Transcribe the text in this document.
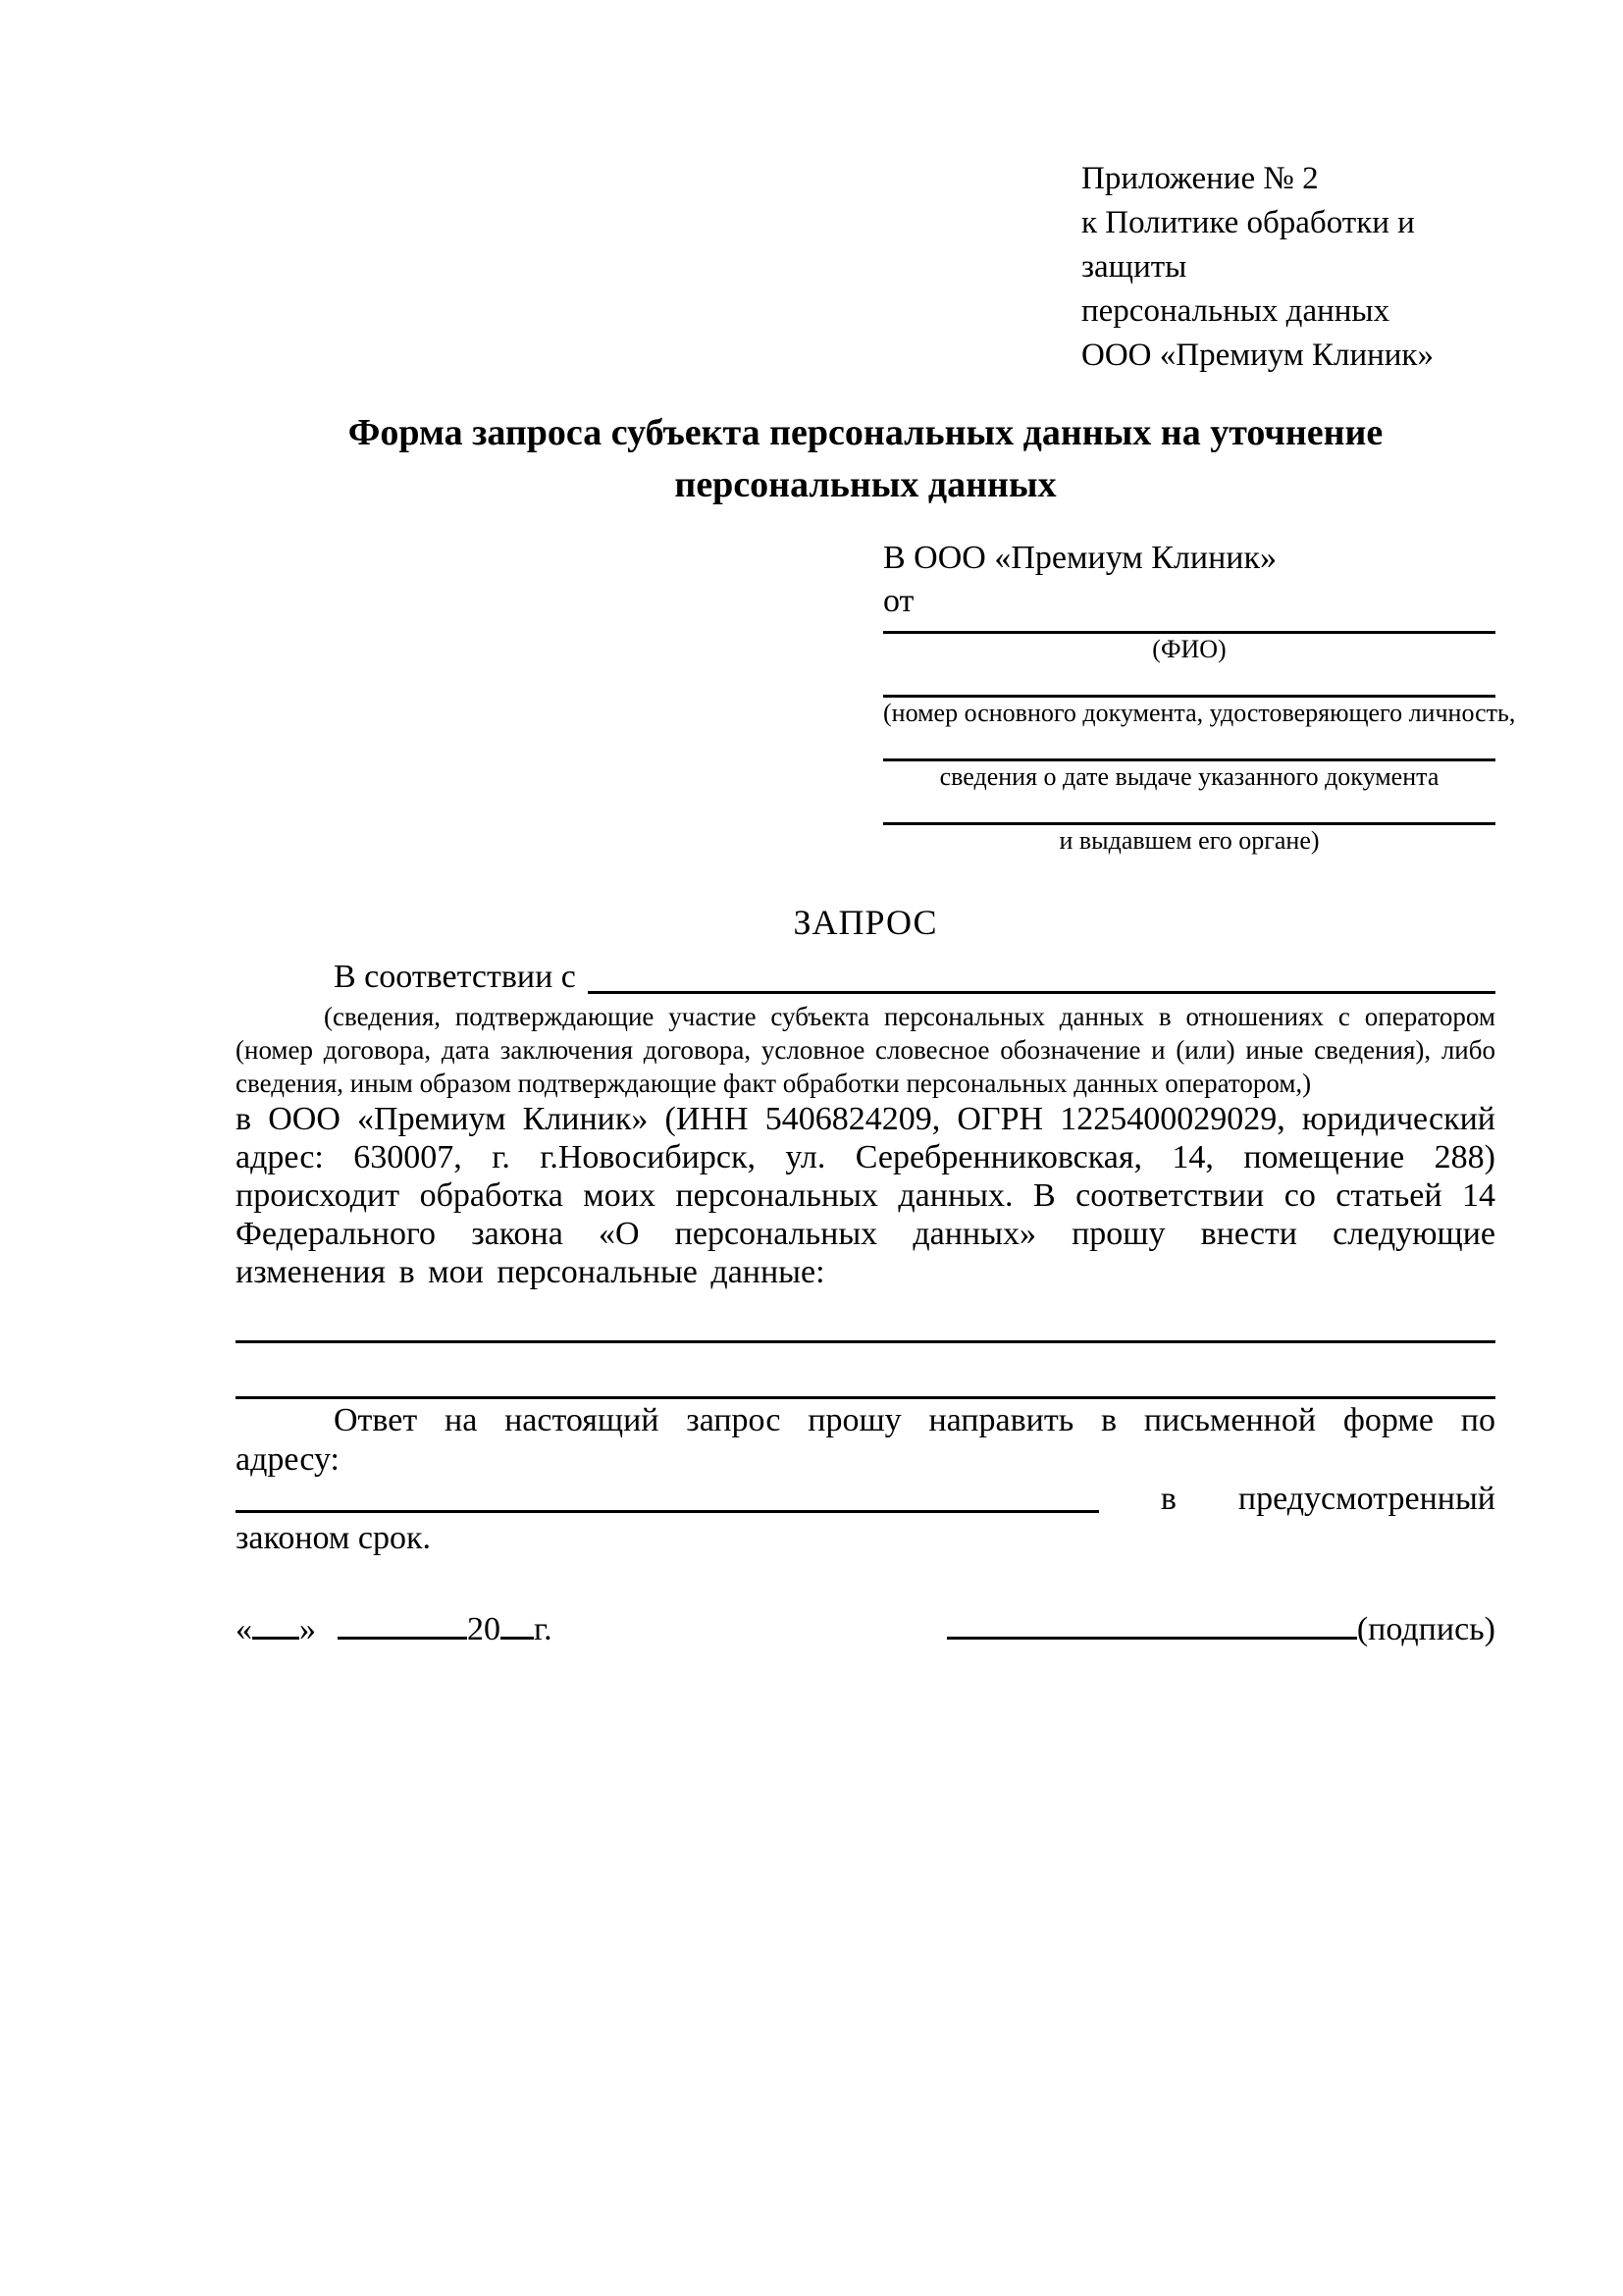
Приложение № 2
к Политике обработки и защиты
персональных данных
ООО «Премиум Клиник»
Форма запроса субъекта персональных данных на уточнение персональных данных
В ООО «Премиум Клиник»
от
(ФИО)
(номер основного документа, удостоверяющего личность,
сведения о дате выдаче указанного документа
и выдавшем его органе)
ЗАПРОС
В соответствии с
(сведения, подтверждающие участие субъекта персональных данных в отношениях с оператором (номер договора, дата заключения договора, условное словесное обозначение и (или) иные сведения), либо сведения, иным образом подтверждающие факт обработки персональных данных оператором,)
в ООО «Премиум Клиник» (ИНН 5406824209, ОГРН 1225400029029, юридический адрес: 630007, г. г.Новосибирск, ул. Серебренниковская, 14, помещение 288) происходит обработка моих персональных данных. В соответствии со статьей 14 Федерального закона «О персональных данных» прошу внести следующие изменения в мои персональные данные:
Ответ на настоящий запрос прошу направить в письменной форме по адресу:
в предусмотренный
законом срок.
« »	20 г.	(подпись)
